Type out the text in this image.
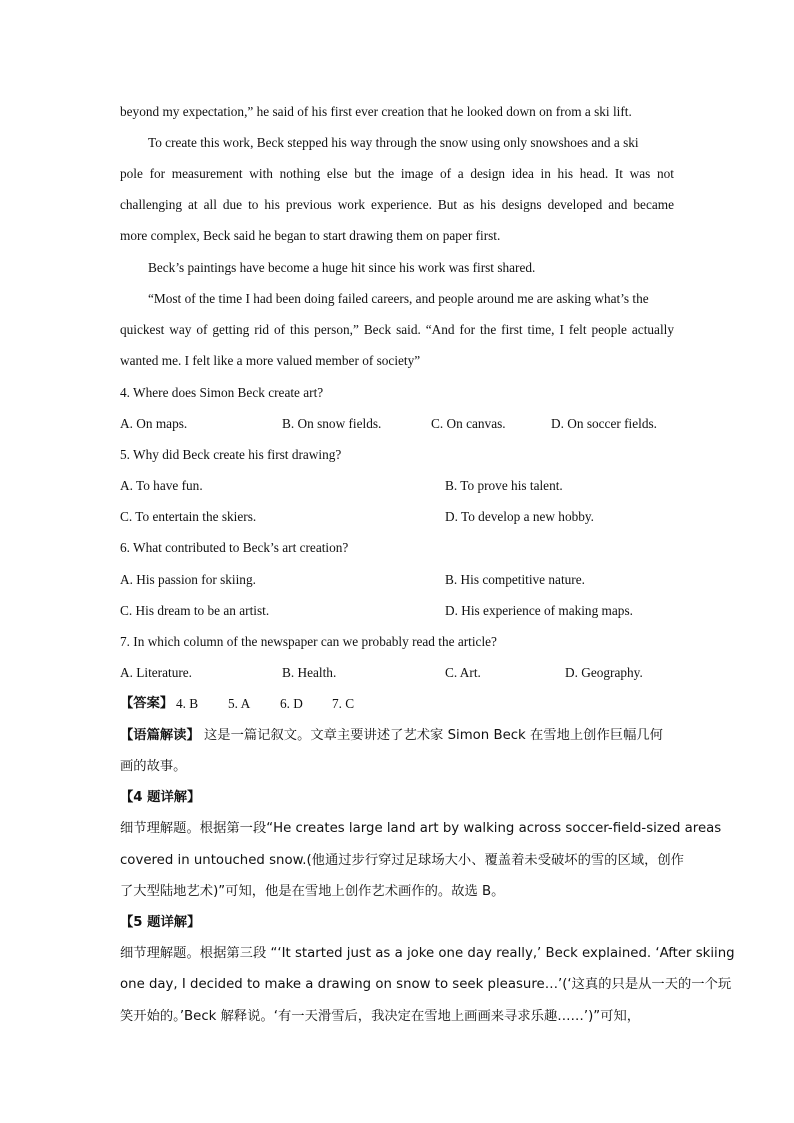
beyond my expectation,” he said of his first ever creation that he looked down on from a ski lift.
To create this work, Beck stepped his way through the snow using only snowshoes and a ski
pole for measurement with nothing else but the image of a design idea in his head. It was not
challenging at all due to his previous work experience. But as his designs developed and became
more complex, Beck said he began to start drawing them on paper first.
Beck’s paintings have become a huge hit since his work was first shared.
“Most of the time I had been doing failed careers, and people around me are asking what’s the
quickest way of getting rid of this person,” Beck said. “And for the first time, I felt people actually
wanted me. I felt like a more valued member of society”
4. Where does Simon Beck create art?
A. On maps.	B. On snow fields.	C. On canvas.	D. On soccer fields.
5. Why did Beck create his first drawing?
A. To have fun.	B. To prove his talent.
C. To entertain the skiers.	D. To develop a new hobby.
6. What contributed to Beck’s art creation?
A. His passion for skiing.	B. His competitive nature.
C. His dream to be an artist.	D. His experience of making maps.
7. In which column of the newspaper can we probably read the article?
A. Literature.	B. Health.	C. Art.	D. Geography.
【答案】 4. B 5. A 6. D 7. C
【语篇解读】 这是一篇记叙文。文章主要讲述了艺术家 Simon Beck 在雪地上创作巨幅几何
画的故事。
【4 题详解】
细节理解题。根据第一段“He creates large land art by walking across soccer-field-sized areas
covered in untouched snow.(他通过步行穿过足球场大小、覆盖着未受破坏的雪的区域，创作
了大型陆地艺术)”可知，他是在雪地上创作艺术画作的。故选 B。
【5 题详解】
细节理解题。根据第三段 “‘It started just as a joke one day really,’ Beck explained. ‘After skiing
one day, I decided to make a drawing on snow to seek pleasure…’(‘这真的只是从一天的一个玩
笑开始的。’Beck 解释说。‘有一天滑雪后，我决定在雪地上画画来寻求乐趣……’)”可知，
